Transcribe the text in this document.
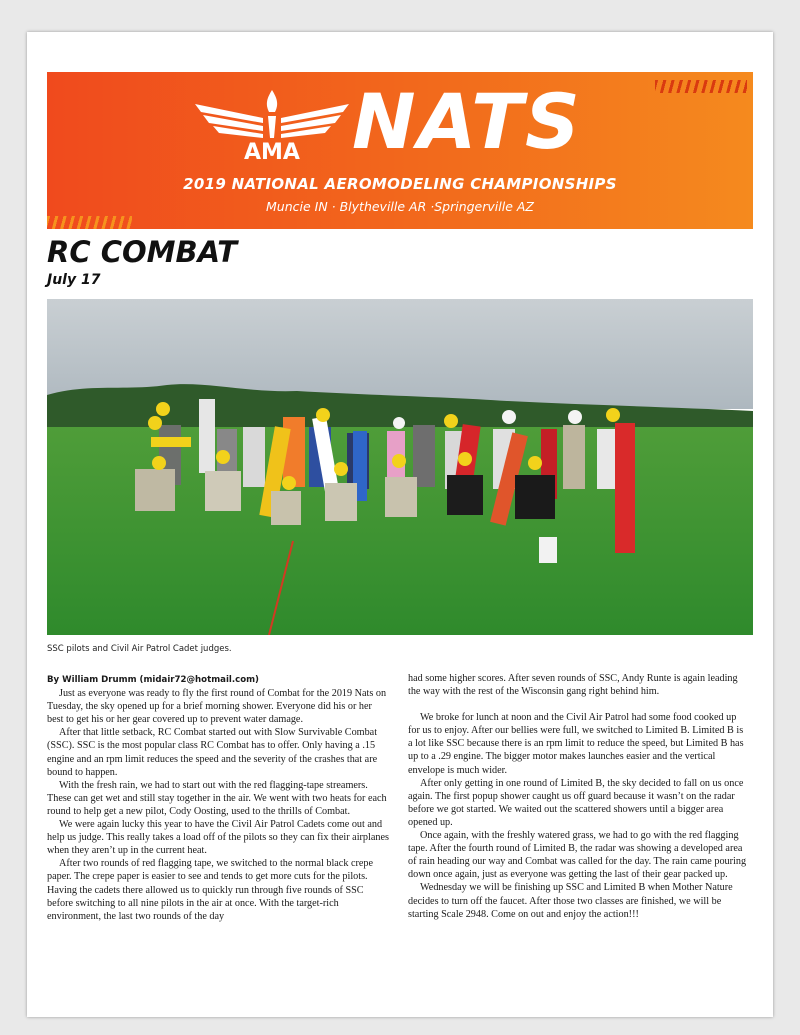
AMA NATS
2019 NATIONAL AEROMODELING CHAMPIONSHIPS
Muncie IN · Blytheville AR ·Springerville AZ
RC COMBAT
July 17
SSC pilots and Civil Air Patrol Cadet judges.
By William Drumm (midair72@hotmail.com)

Just as everyone was ready to fly the first round of Combat for the 2019 Nats on Tuesday, the sky opened up for a brief morning shower. Everyone did his or her best to get his or her gear covered up to prevent water damage.

After that little setback, RC Combat started out with Slow Survivable Combat (SSC). SSC is the most popular class RC Combat has to offer. Only having a .15 engine and an rpm limit reduces the speed and the severity of the crashes that are bound to happen.

With the fresh rain, we had to start out with the red flagging-tape streamers. These can get wet and still stay together in the air. We went with two heats for each round to help get a new pilot, Cody Oosting, used to the thrills of Combat.

We were again lucky this year to have the Civil Air Patrol Cadets come out and help us judge. This really takes a load off of the pilots so they can fix their airplanes when they aren’t up in the current heat.

After two rounds of red flagging tape, we switched to the normal black crepe paper. The crepe paper is easier to see and tends to get more cuts for the pilots. Having the cadets there allowed us to quickly run through five rounds of SSC before switching to all nine pilots in the air at once. With the target-rich environment, the last two rounds of the day

had some higher scores. After seven rounds of SSC, Andy Runte is again leading the way with the rest of the Wisconsin gang right behind him.

We broke for lunch at noon and the Civil Air Patrol had some food cooked up for us to enjoy. After our bellies were full, we switched to Limited B. Limited B is a lot like SSC because there is an rpm limit to reduce the speed, but Limited B has up to a .29 engine. The bigger motor makes launches easier and the vertical envelope is much wider.

After only getting in one round of Limited B, the sky decided to fall on us once again. The first popup shower caught us off guard because it wasn’t on the radar before we got started. We waited out the scattered showers until a bigger area opened up.

Once again, with the freshly watered grass, we had to go with the red flagging tape. After the fourth round of Limited B, the radar was showing a developed area of rain heading our way and Combat was called for the day. The rain came pouring down once again, just as everyone was getting the last of their gear packed up.

Wednesday we will be finishing up SSC and Limited B when Mother Nature decides to turn off the faucet. After those two classes are finished, we will be starting Scale 2948. Come on out and enjoy the action!!!
